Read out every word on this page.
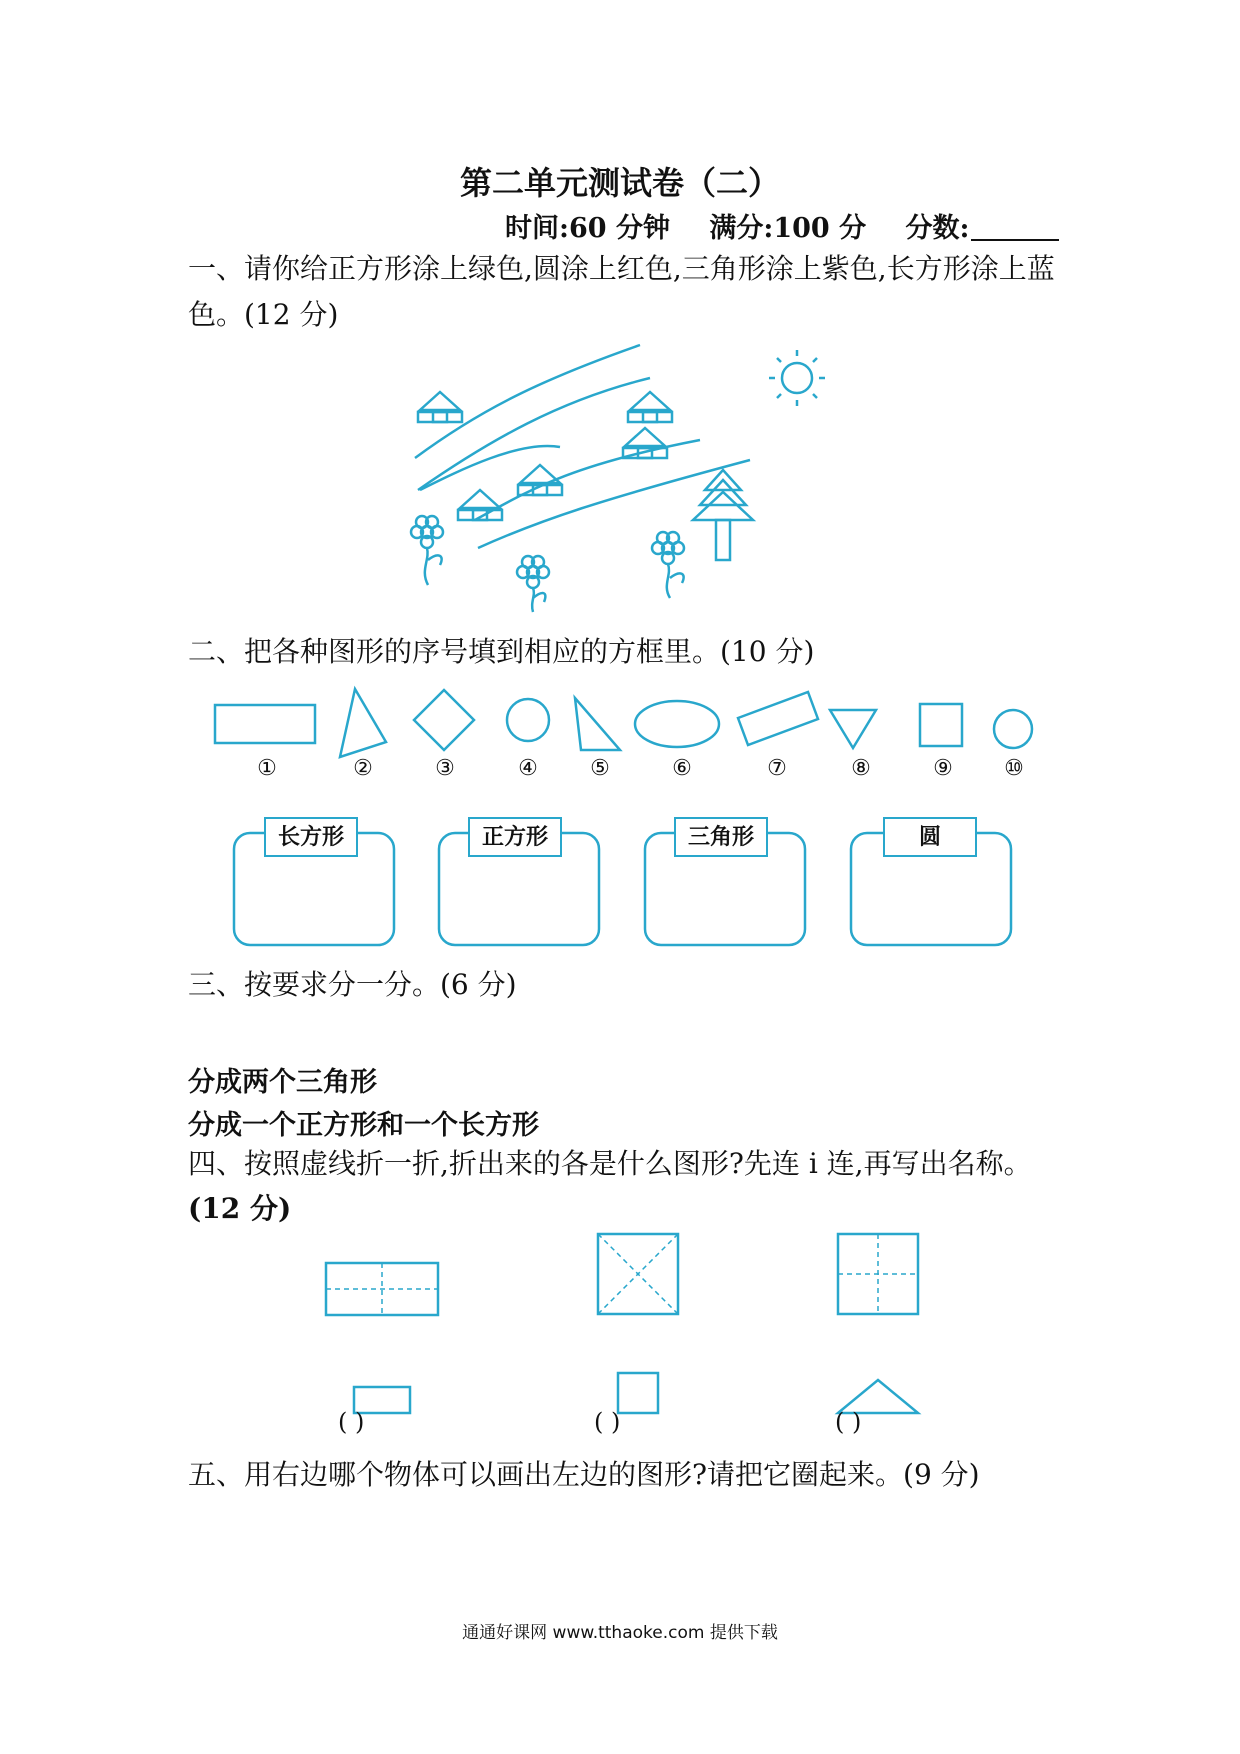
第二单元测试卷（二）
时间:60 分钟 满分:100 分 分数:
一、请你给正方形涂上绿色,圆涂上红色,三角形涂上紫色,长方形涂上蓝色。(12 分)
二、把各种图形的序号填到相应的方框里。(10 分)
①	②	③	④	⑤	⑥	⑦	⑧	⑨	⑩
长方形	正方形	三角形	圆
三、按要求分一分。(6 分)
分成两个三角形
分成一个正方形和一个长方形
四、按照虚线折一折,折出来的各是什么图形?先连 i 连,再写出名称。
(12 分)
( )	( )	( )
五、用右边哪个物体可以画出左边的图形?请把它圈起来。(9 分)
通通好课网 www.tthaoke.com 提供下载
